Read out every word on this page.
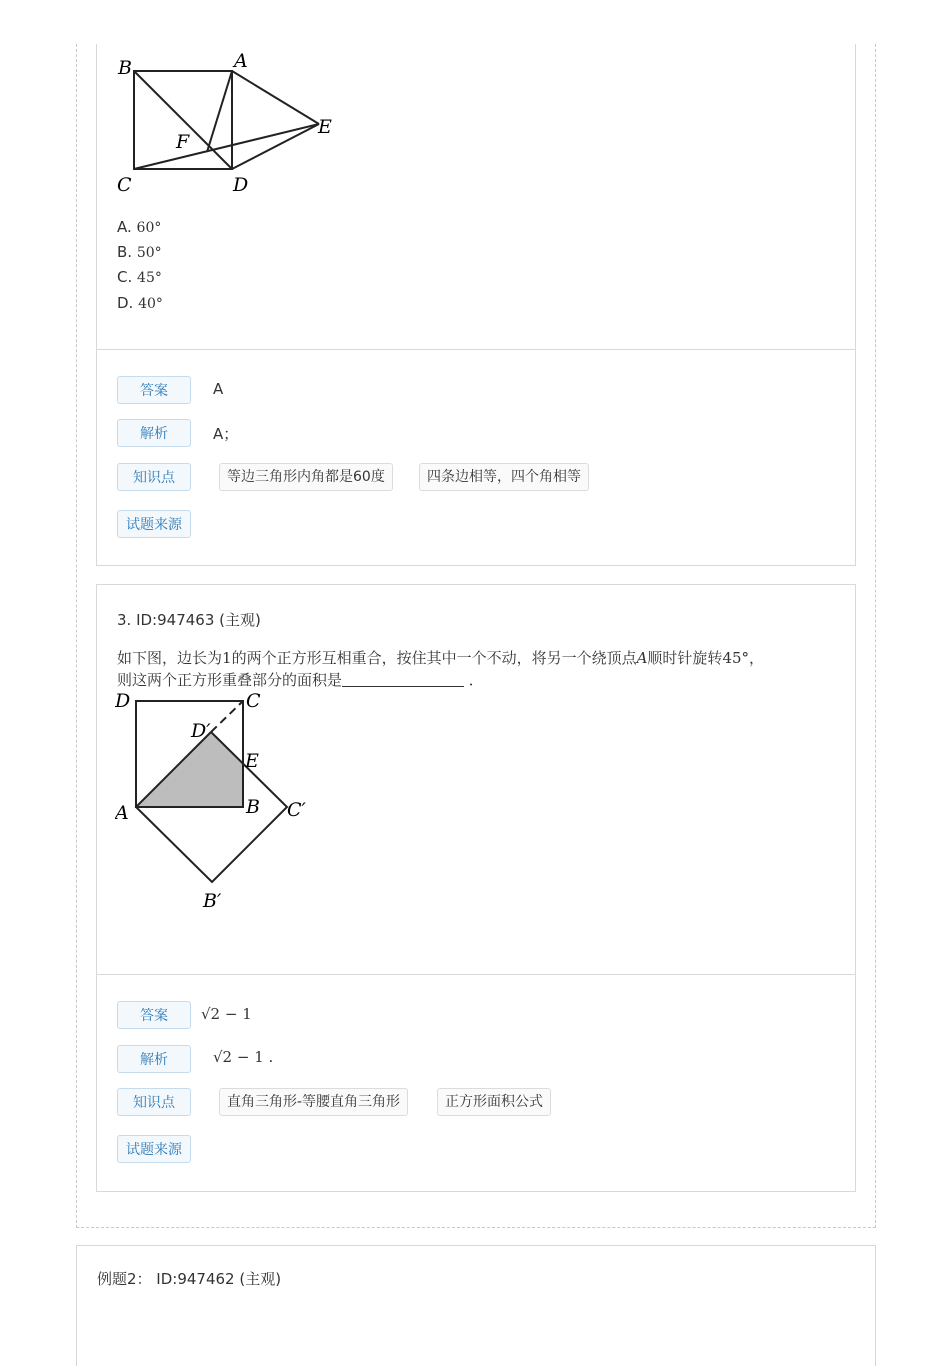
B	A
E
F
C	D
A. 60°
B. 50°
C. 45°
D. 40°
答案	A
解析	A；
知识点	等边三角形内角都是60度	四条边相等，四个角相等
试题来源
3. ID:947463 (主观)
如下图，边长为1的两个正方形互相重合，按住其中一个不动，将另一个绕顶点A顺时针旋转45°，
则这两个正方形重叠部分的面积是	．
D	C
D′
E
A	B C′
B′
答案	√2 − 1
解析	√2 − 1 .
知识点	直角三角形-等腰直角三角形	正方形面积公式
试题来源
例题2： ID:947462 (主观)
